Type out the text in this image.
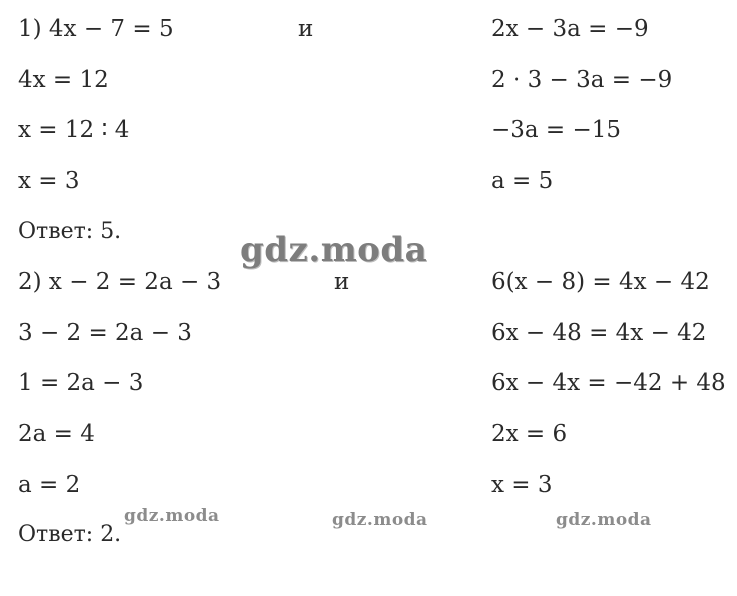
1) 4x − 7 = 5
4x = 12
x = 12 ∶ 4
x = 3
Ответ: 5.
и	2x − 3a = −9
2 · 3 − 3a = −9
−3a = −15
a = 5
2) x − 2 = 2a − 3
3 − 2 = 2a − 3
1 = 2a − 3
2a = 4
a = 2
Ответ: 2.
и	6(x − 8) = 4x − 42
6x − 48 = 4x − 42
6x − 4x = −42 + 48
2x = 6
x = 3
gdz.moda
gdz.moda	gdz.moda	gdz.moda
